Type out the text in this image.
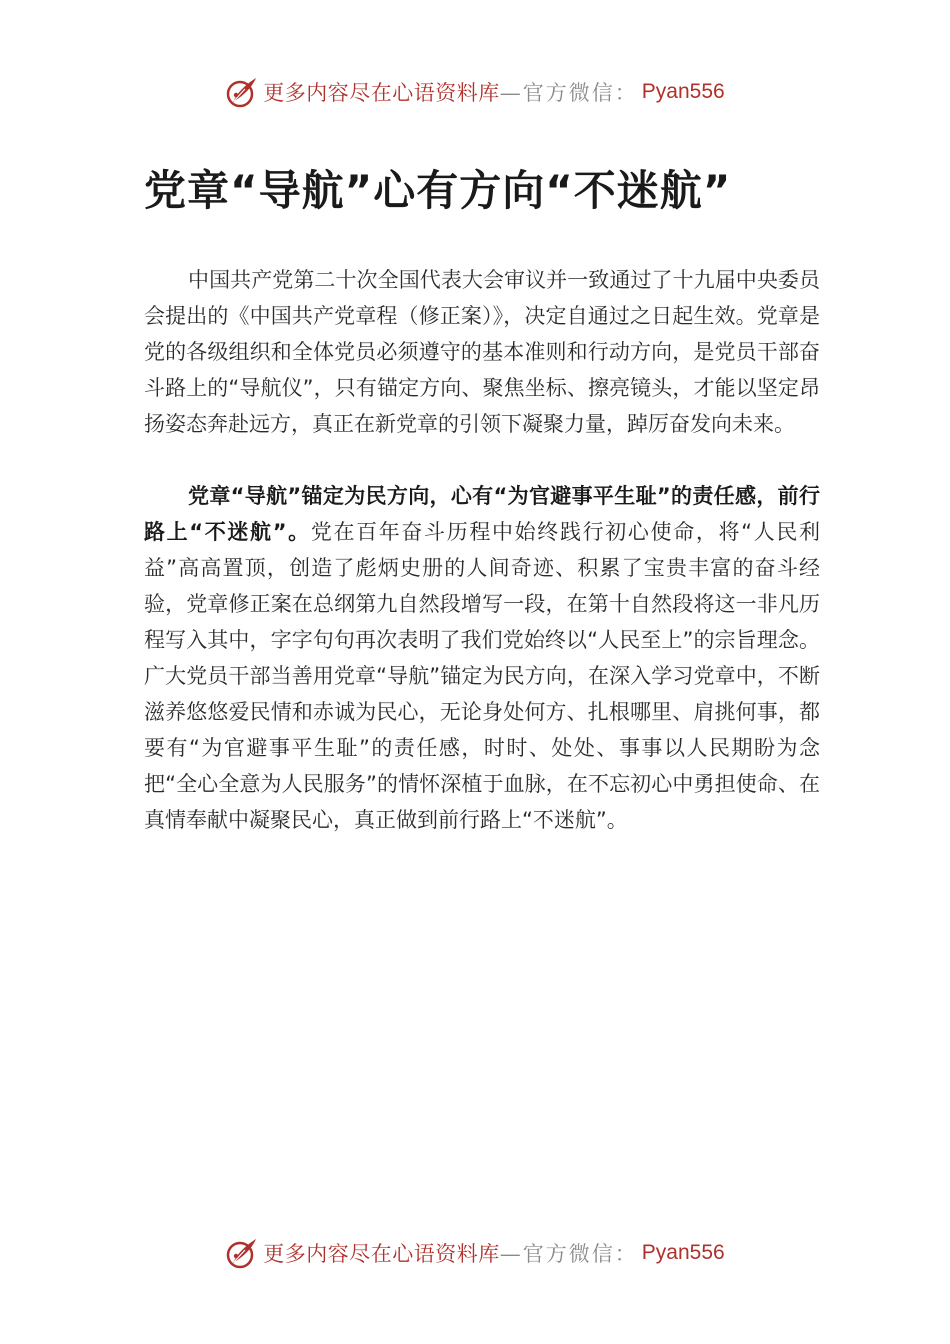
更多内容尽在心语资料库 —官方微信： Pyan556
党章“导航”心有方向“不迷航”

中国共产党第二十次全国代表大会审议并一致通过了十九届中央委员会提出的《中国共产党章程（修正案）》，决定自通过之日起生效。党章是党的各级组织和全体党员必须遵守的基本准则和行动方向，是党员干部奋斗路上的“导航仪”，只有锚定方向、聚焦坐标、擦亮镜头，才能以坚定昂扬姿态奔赴远方，真正在新党章的引领下凝聚力量，踔厉奋发向未来。

党章“导航”锚定为民方向，心有“为官避事平生耻”的责任感，前行路上“不迷航”。党在百年奋斗历程中始终践行初心使命，将“人民利益”高高置顶，创造了彪炳史册的人间奇迹、积累了宝贵丰富的奋斗经验，党章修正案在总纲第九自然段增写一段，在第十自然段将这一非凡历程写入其中，字字句句再次表明了我们党始终以“人民至上”的宗旨理念。广大党员干部当善用党章“导航”锚定为民方向，在深入学习党章中，不断滋养悠悠爱民情和赤诚为民心，无论身处何方、扎根哪里、肩挑何事，都要有“为官避事平生耻”的责任感，时时、处处、事事以人民期盼为念把“全心全意为人民服务”的情怀深植于血脉，在不忘初心中勇担使命、在真情奉献中凝聚民心，真正做到前行路上“不迷航”。

更多内容尽在心语资料库 —官方微信： Pyan556
